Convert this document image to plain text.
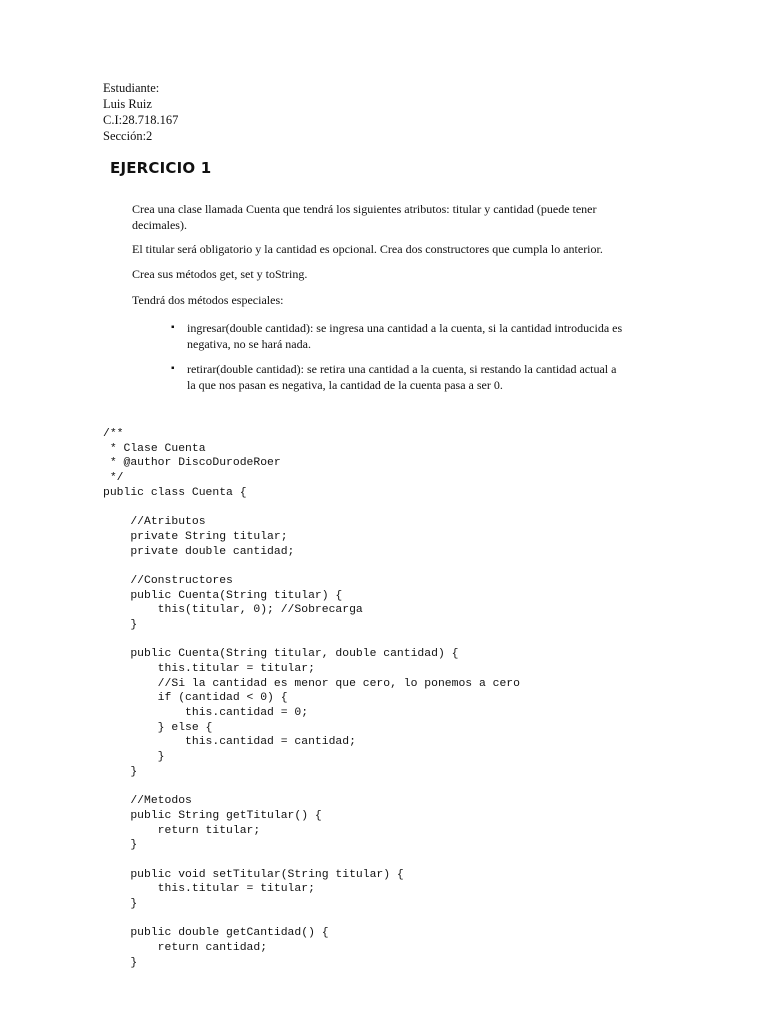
Estudiante:
Luis Ruiz
C.I:28.718.167
Sección:2
EJERCICIO 1

Crea una clase llamada Cuenta que tendrá los siguientes atributos: titular y cantidad (puede tener decimales).

El titular será obligatorio y la cantidad es opcional. Crea dos constructores que cumpla lo anterior.

Crea sus métodos get, set y toString.

Tendrá dos métodos especiales:

▪ ingresar(double cantidad): se ingresa una cantidad a la cuenta, si la cantidad introducida es negativa, no se hará nada.
▪ retirar(double cantidad): se retira una cantidad a la cuenta, si restando la cantidad actual a la que nos pasan es negativa, la cantidad de la cuenta pasa a ser 0.
/**
* Clase Cuenta
* @author DiscoDurodeRoer
*/
public class Cuenta {
//Atributos
private String titular;
private double cantidad;
//Constructores
public Cuenta(String titular) {
this(titular, 0); //Sobrecarga
}
public Cuenta(String titular, double cantidad) {
this.titular = titular;
//Si la cantidad es menor que cero, lo ponemos a cero
if (cantidad < 0) {
this.cantidad = 0;
} else {
this.cantidad = cantidad;
}
}
//Metodos
public String getTitular() {
return titular;
}
public void setTitular(String titular) {
this.titular = titular;
}
public double getCantidad() {
return cantidad;
}
